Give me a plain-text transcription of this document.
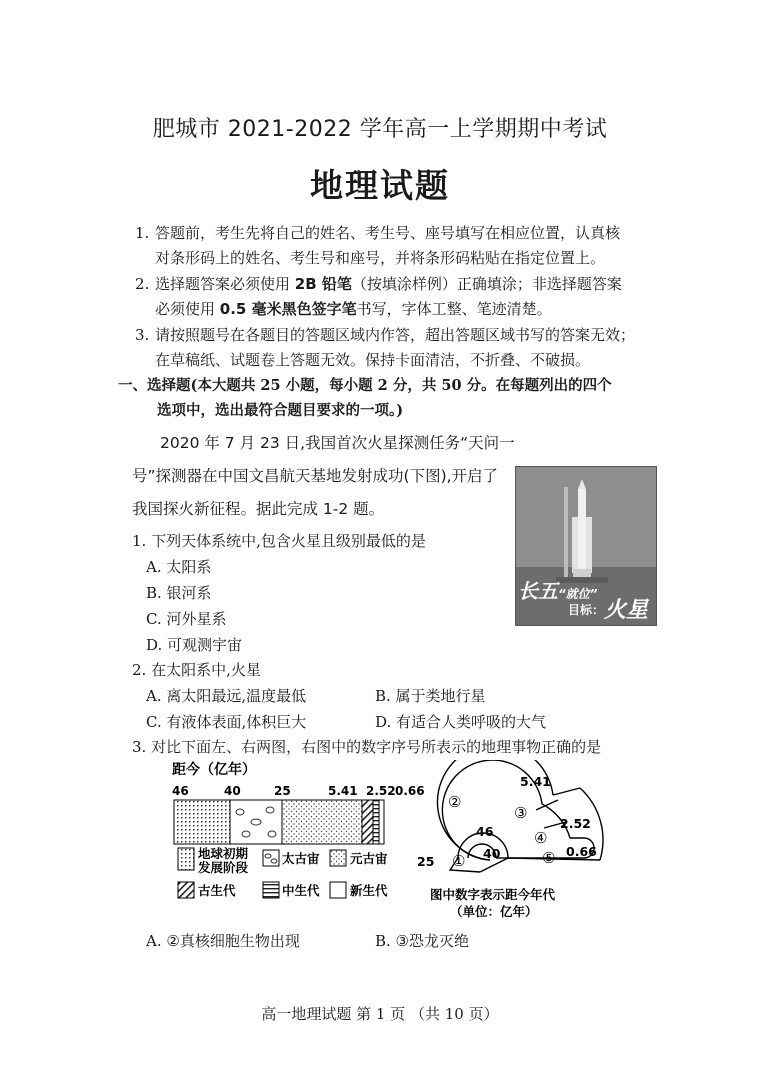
肥城市 2021-2022 学年高一上学期期中考试
地理试题
1. 答题前，考生先将自己的姓名、考生号、座号填写在相应位置，认真核
对条形码上的姓名、考生号和座号，并将条形码粘贴在指定位置上。
2. 选择题答案必须使用 2B 铅笔（按填涂样例）正确填涂；非选择题答案
必须使用 0.5 毫米黑色签字笔书写，字体工整、笔迹清楚。
3. 请按照题号在各题目的答题区域内作答，超出答题区域书写的答案无效；
在草稿纸、试题卷上答题无效。保持卡面清洁，不折叠、不破损。
一、选择题(本大题共 25 小题，每小题 2 分，共 50 分。在每题列出的四个
选项中，选出最符合题目要求的一项。)
2020 年 7 月 23 日,我国首次火星探测任务“天问一
号”探测器在中国文昌航天基地发射成功(下图),开启了
我国探火新征程。据此完成 1-2 题。
长五“就位”
目标： 火星
1. 下列天体系统中,包含火星且级别最低的是
A. 太阳系
B. 银河系
C. 河外星系
D. 可观测宇宙
2. 在太阳系中,火星
A. 离太阳最远,温度最低	B. 属于类地行星
C. 有液体表面,体积巨大	D. 有适合人类呼吸的大气
3. 对比下面左、右两图，右图中的数字序号所表示的地理事物正确的是
距今（亿年）
46	40	25	5.41 2.52 0.66
地球初期
发展阶段
太古宙 元古宙
古生代	中生代 新生代
②
③
④
⑤
①
5.41
2.52
0.66
46
40
25
图中数字表示距今年代
（单位：亿年）
A. ②真核细胞生物出现	B. ③恐龙灭绝
高一地理试题 第 1 页 （共 10 页）
